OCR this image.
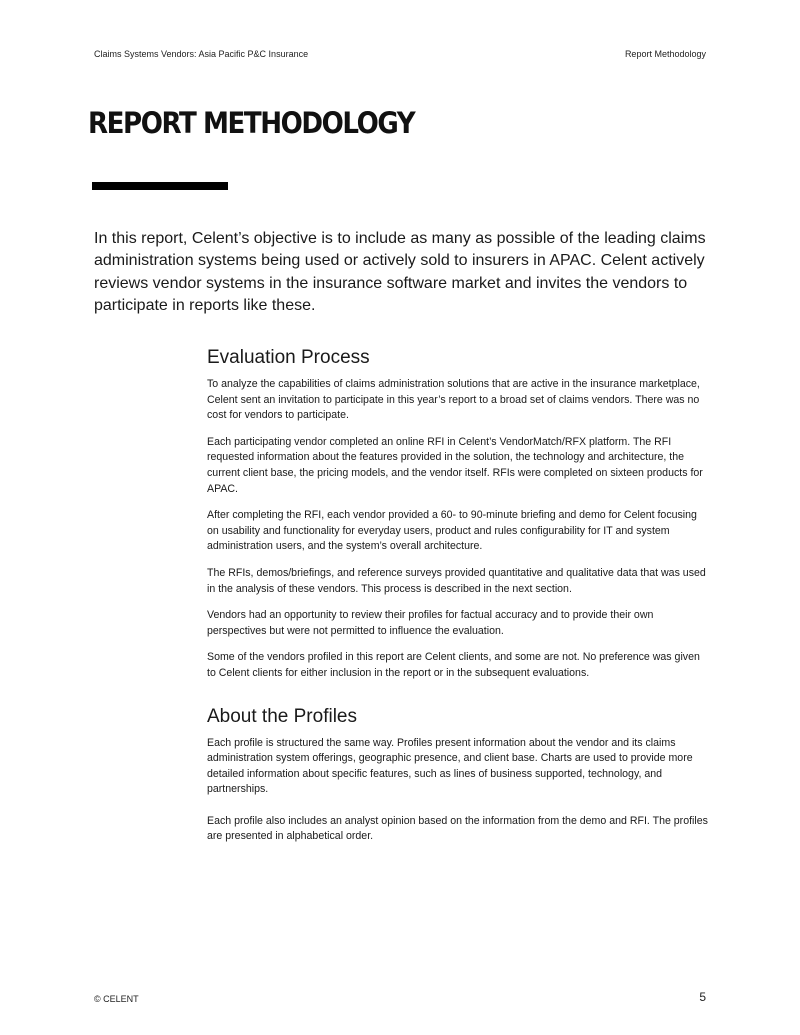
Claims Systems Vendors: Asia Pacific P&C Insurance	Report Methodology
REPORT METHODOLOGY

In this report, Celent’s objective is to include as many as possible of the leading claims administration systems being used or actively sold to insurers in APAC. Celent actively reviews vendor systems in the insurance software market and invites the vendors to participate in reports like these.

Evaluation Process

To analyze the capabilities of claims administration solutions that are active in the insurance marketplace, Celent sent an invitation to participate in this year’s report to a broad set of claims vendors. There was no cost for vendors to participate.

Each participating vendor completed an online RFI in Celent’s VendorMatch/RFX platform. The RFI requested information about the features provided in the solution, the technology and architecture, the current client base, the pricing models, and the vendor itself. RFIs were completed on sixteen products for APAC.

After completing the RFI, each vendor provided a 60- to 90-minute briefing and demo for Celent focusing on usability and functionality for everyday users, product and rules configurability for IT and system administration users, and the system’s overall architecture.

The RFIs, demos/briefings, and reference surveys provided quantitative and qualitative data that was used in the analysis of these vendors. This process is described in the next section.

Vendors had an opportunity to review their profiles for factual accuracy and to provide their own perspectives but were not permitted to influence the evaluation.

Some of the vendors profiled in this report are Celent clients, and some are not. No preference was given to Celent clients for either inclusion in the report or in the subsequent evaluations.

About the Profiles

Each profile is structured the same way. Profiles present information about the vendor and its claims administration system offerings, geographic presence, and client base. Charts are used to provide more detailed information about specific features, such as lines of business supported, technology, and partnerships.

Each profile also includes an analyst opinion based on the information from the demo and RFI. The profiles are presented in alphabetical order.

© CELENT	5
